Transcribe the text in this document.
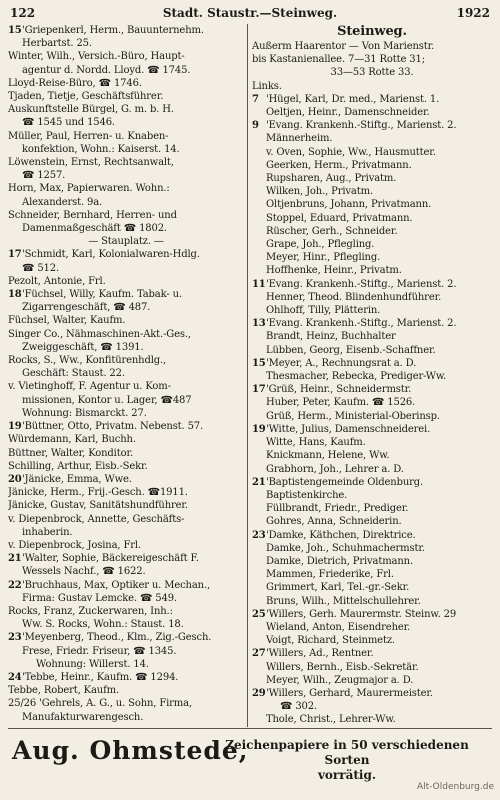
122	Stadt. Staustr.—Steinweg.	1922
15'Griepenkerl, Herm., Bauunternehm.
Herbartst. 25.
Winter, Wilh., Versich.-Büro, Haupt-
agentur d. Nordd. Lloyd. ☎ 1745.
Lloyd-Reise-Büro, ☎ 1746.
Tjaden, Tietje, Geschäftsführer.
Auskunftstelle Bürgel, G. m. b. H.
☎ 1545 und 1546.
Müller, Paul, Herren- u. Knaben-
konfektion, Wohn.: Kaiserst. 14.
Löwenstein, Ernst, Rechtsanwalt,
☎ 1257.
Horn, Max, Papierwaren. Wohn.:
Alexanderst. 9a.
Schneider, Bernhard, Herren- und
Damenmaßgeschäft ☎ 1802.
— Stauplatz. —
17'Schmidt, Karl, Kolonialwaren-Hdlg.
☎ 512.
Pezolt, Antonie, Frl.
18'Füchsel, Willy, Kaufm. Tabak- u.
Zigarrengeschäft, ☎ 487.
Füchsel, Walter, Kaufm.
Singer Co., Nähmaschinen-Akt.-Ges.,
Zweiggeschäft, ☎ 1391.
Rocks, S., Ww., Konfitürenhdlg.,
Geschäft: Staust. 22.
v. Vietinghoff, F. Agentur u. Kom-
missionen, Kontor u. Lager, ☎487
Wohnung: Bismarckt. 27.
19'Büttner, Otto, Privatm. Nebenst. 57.
Würdemann, Karl, Buchh.
Büttner, Walter, Konditor.
Schilling, Arthur, Eisb.-Sekr.
20'Jänicke, Emma, Wwe.
Jänicke, Herm., Frij.-Gesch. ☎1911.
Jänicke, Gustav, Sanitätshundführer.
v. Diepenbrock, Annette, Geschäfts-
inhaberin.
v. Diepenbrock, Josina, Frl.
21'Walter, Sophie, Bäckereigeschäft F.
Wessels Nachf., ☎ 1622.
22'Bruchhaus, Max, Optiker u. Mechan.,
Firma: Gustav Lemcke. ☎ 549.
Rocks, Franz, Zuckerwaren, Inh.:
Ww. S. Rocks, Wohn.: Staust. 18.
23'Meyenberg, Theod., Klm., Zig.-Gesch.
Frese, Friedr. Friseur, ☎ 1345.
Wohnung: Willerst. 14.
24'Tebbe, Heinr., Kaufm. ☎ 1294.
Tebbe, Robert, Kaufm.
25/26 'Gehrels, A. G., u. Sohn, Firma,
Manufakturwarengesch.
Steinweg.
Außerm Haarentor — Von Marienstr.
bis Kastanienallee. 7—31 Rotte 31;
33—53 Rotte 33.
Links.
7 'Hügel, Karl, Dr. med., Marienst. 1.
Oeltjen, Heinr., Damenschneider.
9 'Evang. Krankenh.-Stiftg., Marienst. 2.
Männerheim.
v. Oven, Sophie, Ww., Hausmutter.
Geerken, Herm., Privatmann.
Rupsharen, Aug., Privatm.
Wilken, Joh., Privatm.
Oltjenbruns, Johann, Privatmann.
Stoppel, Eduard, Privatmann.
Rüscher, Gerh., Schneider.
Grape, Joh., Pflegling.
Meyer, Hinr., Pflegling.
Hoffhenke, Heinr., Privatm.
11'Evang. Krankenh.-Stiftg., Marienst. 2.
Henner, Theod. Blindenhundführer.
Ohlhoff, Tilly, Plätterin.
13'Evang. Krankenh.-Stiftg., Marienst. 2.
Brandt, Heinz, Buchhalter
Lübben, Georg, Eisenb.-Schaffner.
15'Meyer, A., Rechnungsrat a. D.
Thesmacher, Rebecka, Prediger-Ww.
17'Grüß, Heinr., Schneidermstr.
Huber, Peter, Kaufm. ☎ 1526.
Grüß, Herm., Ministerial-Oberinsp.
19'Witte, Julius, Damenschneiderei.
Witte, Hans, Kaufm.
Knickmann, Helene, Ww.
Grabhorn, Joh., Lehrer a. D.
21'Baptistengemeinde Oldenburg.
Baptistenkirche.
Füllbrandt, Friedr., Prediger.
Gohres, Anna, Schneiderin.
23'Damke, Käthchen, Direktrice.
Damke, Joh., Schuhmachermstr.
Damke, Dietrich, Privatmann.
Mammen, Friederike, Frl.
Grimmert, Karl, Tel.-gr.-Sekr.
Bruns, Wilh., Mittelschullehrer.
25'Willers, Gerh. Maurermstr. Steinw. 29
Wieland, Anton, Eisendreher.
Voigt, Richard, Steinmetz.
27'Willers, Ad., Rentner.
Willers, Bernh., Eisb.-Sekretär.
Meyer, Wilh., Zeugmajor a. D.
29'Willers, Gerhard, Maurermeister.
☎ 302.
Thole, Christ., Lehrer-Ww.
Aug. Ohmstede,
Zeichenpapiere in 50 verschiedenen Sorten
vorrätig.
Alt-Oldenburg.de
